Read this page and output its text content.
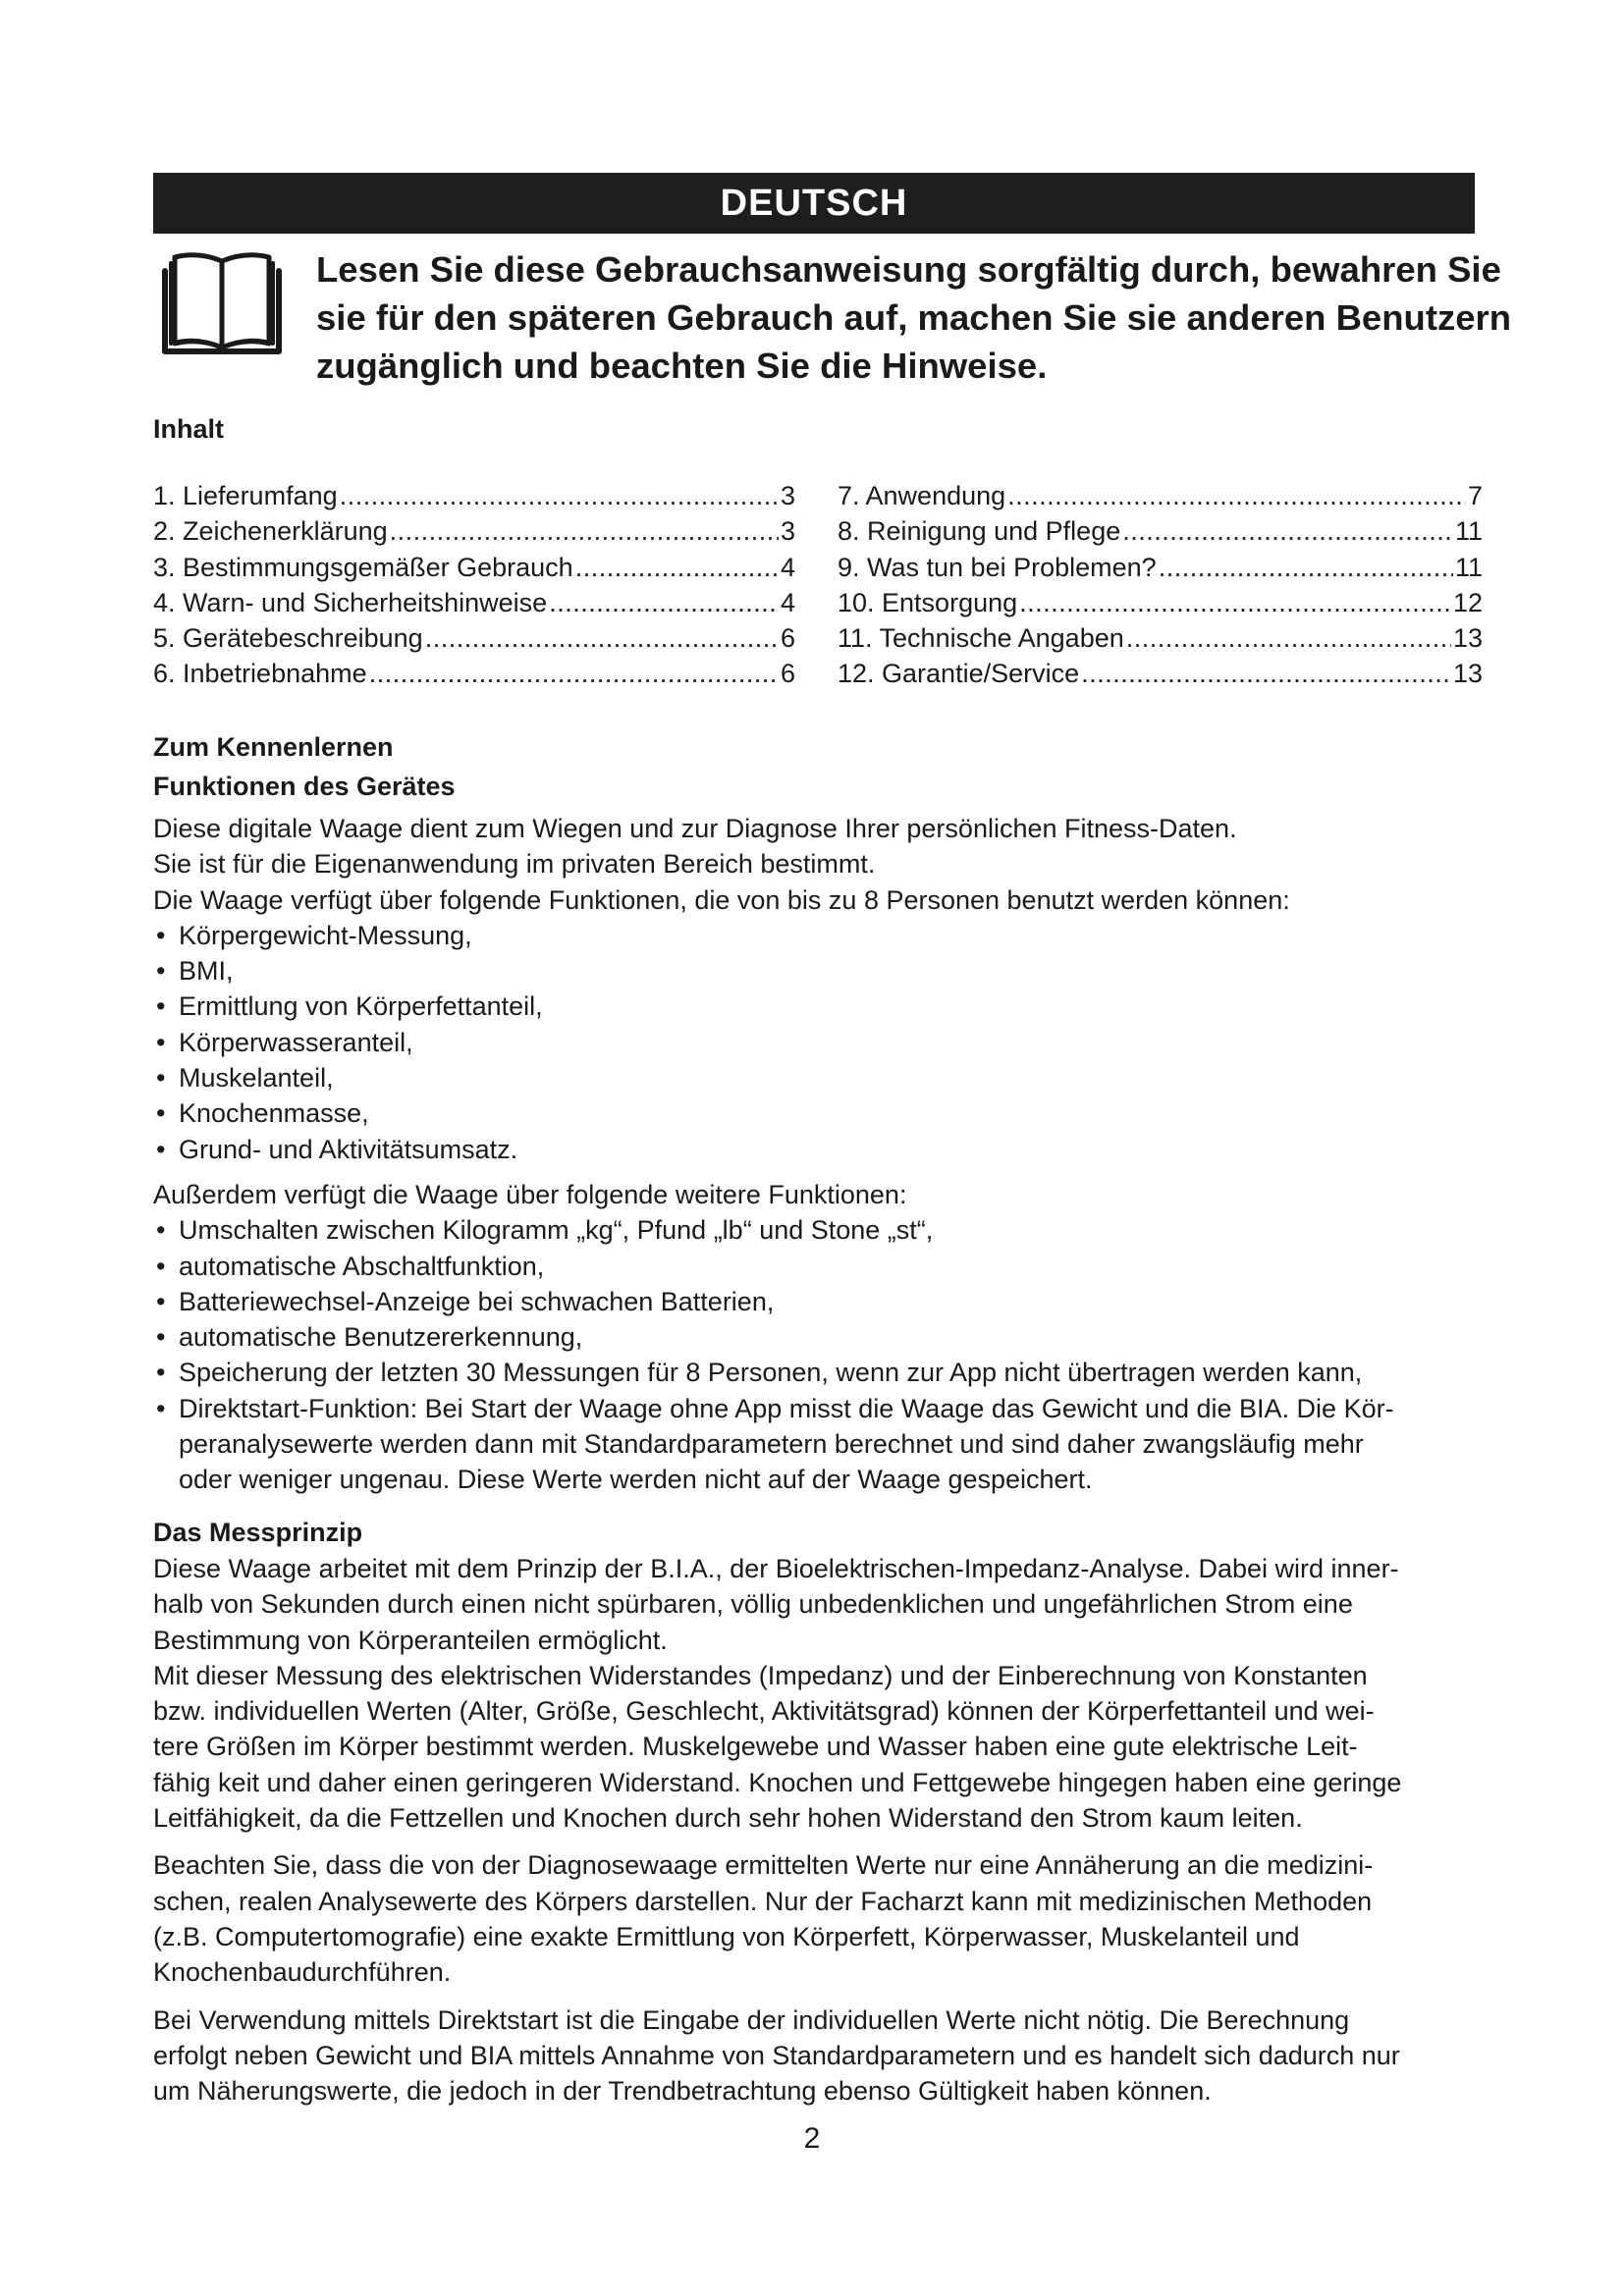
DEUTSCH
Lesen Sie diese Gebrauchsanweisung sorgfältig durch, bewahren Sie
sie für den späteren Gebrauch auf, machen Sie sie anderen Benutzern
zugänglich und beachten Sie die Hinweise.
Inhalt
1. Lieferumfang .....	3
2. Zeichenerklärung .....	3
3. Bestimmungsgemäßer Gebrauch .....	4
4. Warn- und Sicherheitshinweise .....	4
5. Gerätebeschreibung .....	6
6. Inbetriebnahme .....	6
7. Anwendung .....	7
8. Reinigung und Pflege .....	11
9. Was tun bei Problemen? .....	11
10. Entsorgung .....	12
11. Technische Angaben .....	13
12. Garantie/Service .....	13
Zum Kennenlernen
Funktionen des Gerätes

Diese digitale Waage dient zum Wiegen und zur Diagnose Ihrer persönlichen Fitness-Daten.

Sie ist für die Eigenanwendung im privaten Bereich bestimmt.

Die Waage verfügt über folgende Funktionen, die von bis zu 8 Personen benutzt werden können:

• Körpergewicht-Messung,
• BMI,
• Ermittlung von Körperfettanteil,
• Körperwasseranteil,
• Muskelanteil,
• Knochenmasse,
• Grund- und Aktivitätsumsatz.

Außerdem verfügt die Waage über folgende weitere Funktionen:

• Umschalten zwischen Kilogramm „kg“, Pfund „lb“ und Stone „st“,
• automatische Abschaltfunktion,
• Batteriewechsel-Anzeige bei schwachen Batterien,
• automatische Benutzererkennung,
• Speicherung der letzten 30 Messungen für 8 Personen, wenn zur App nicht übertragen werden kann,
• Direktstart-Funktion: Bei Start der Waage ohne App misst die Waage das Gewicht und die BIA. Die Kör-
peranalysewerte werden dann mit Standardparametern berechnet und sind daher zwangsläufig mehr
oder weniger ungenau. Diese Werte werden nicht auf der Waage gespeichert.
Das Messprinzip

Diese Waage arbeitet mit dem Prinzip der B.I.A., der Bioelektrischen-Impedanz-Analyse. Dabei wird inner-

halb von Sekunden durch einen nicht spürbaren, völlig unbedenklichen und ungefährlichen Strom eine

Bestimmung von Körperanteilen ermöglicht.

Mit dieser Messung des elektrischen Widerstandes (Impedanz) und der Einberechnung von Konstanten

bzw. individuellen Werten (Alter, Größe, Geschlecht, Aktivitätsgrad) können der Körperfettanteil und wei-

tere Größen im Körper bestimmt werden. Muskelgewebe und Wasser haben eine gute elektrische Leit-

fähig keit und daher einen geringeren Widerstand. Knochen und Fettgewebe hingegen haben eine geringe

Leitfähigkeit, da die Fettzellen und Knochen durch sehr hohen Widerstand den Strom kaum leiten.

Beachten Sie, dass die von der Diagnosewaage ermittelten Werte nur eine Annäherung an die medizini-

schen, realen Analysewerte des Körpers darstellen. Nur der Facharzt kann mit medizinischen Methoden

(z.B. Computertomografie) eine exakte Ermittlung von Körperfett, Körperwasser, Muskelanteil und

Knochenbaudurchführen.

Bei Verwendung mittels Direktstart ist die Eingabe der individuellen Werte nicht nötig. Die Berechnung

erfolgt neben Gewicht und BIA mittels Annahme von Standardparametern und es handelt sich dadurch nur

um Näherungswerte, die jedoch in der Trendbetrachtung ebenso Gültigkeit haben können.

2
